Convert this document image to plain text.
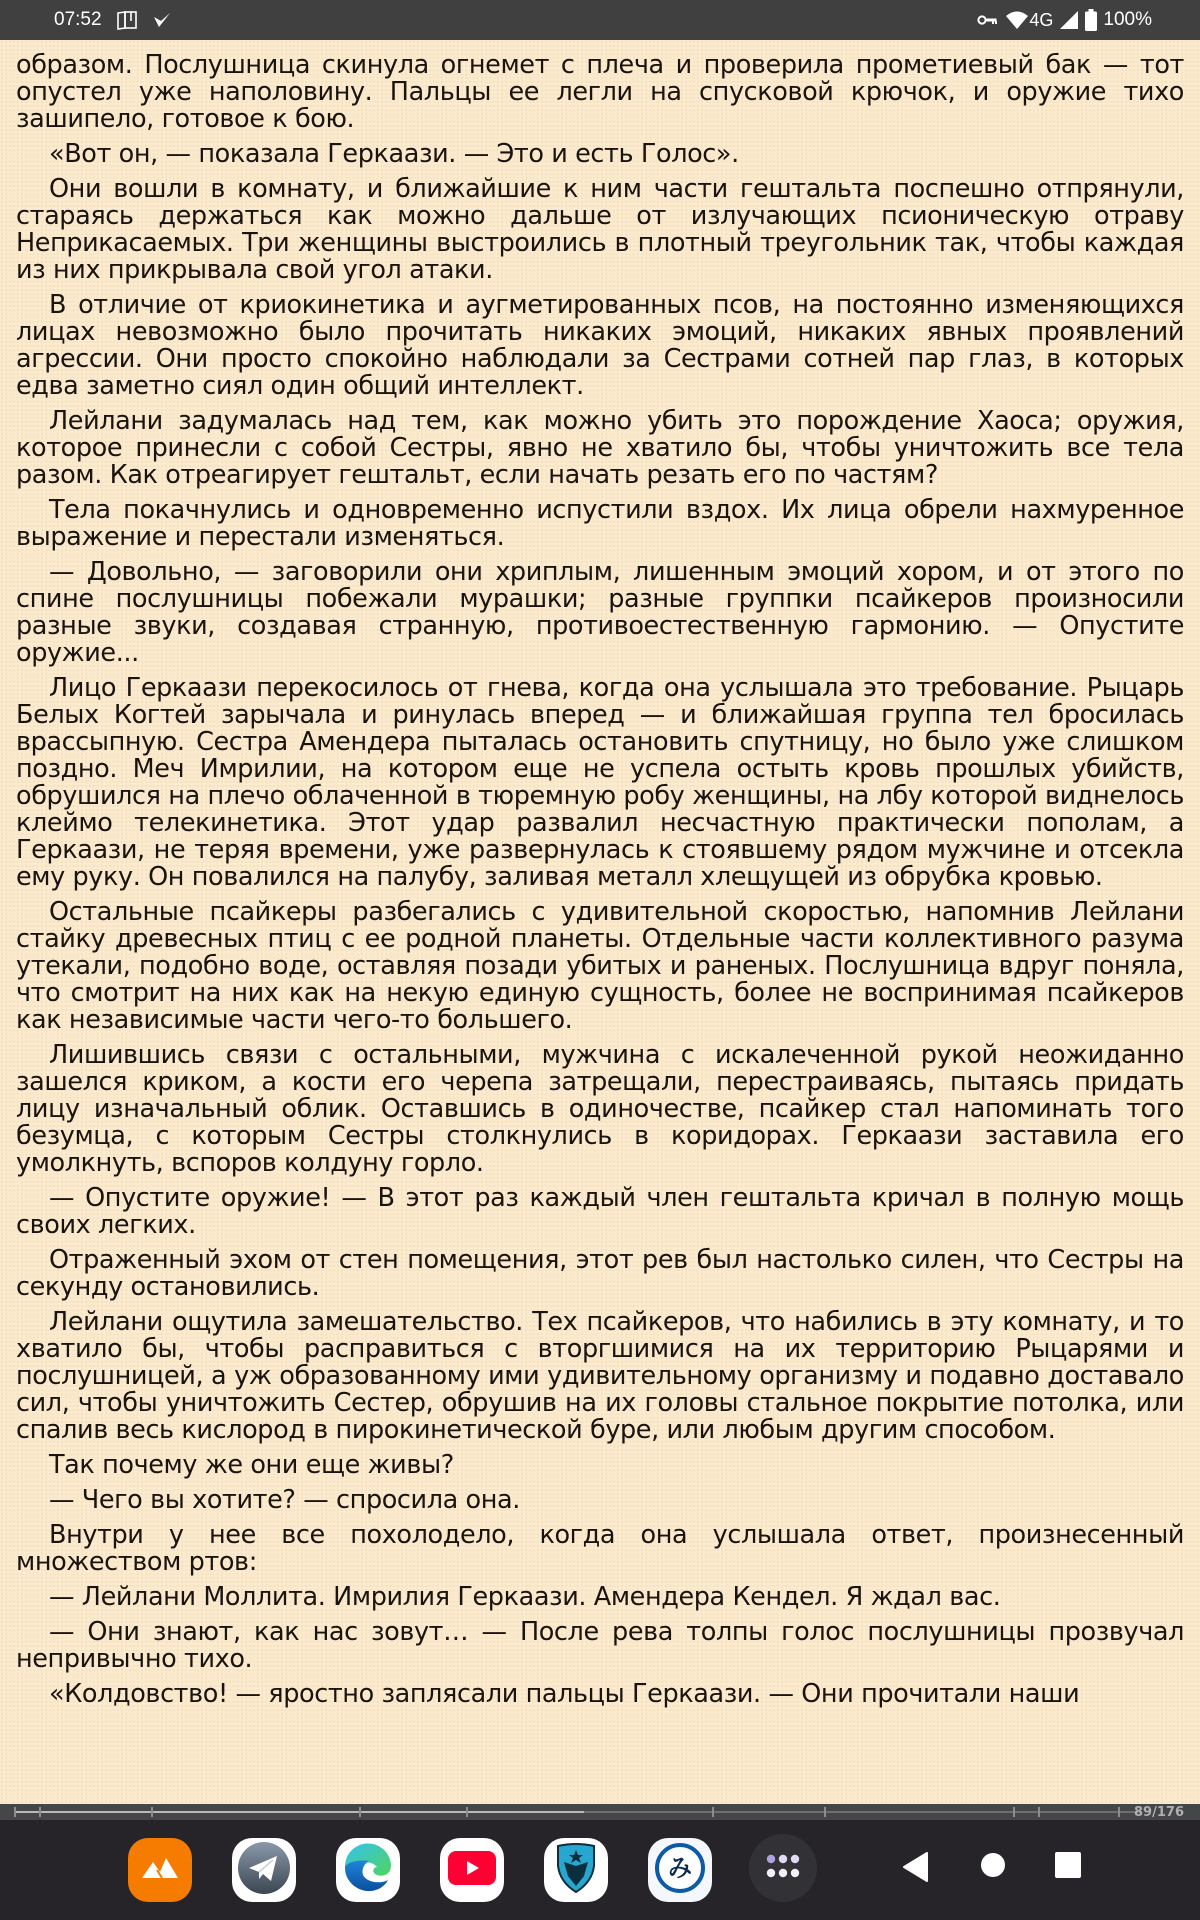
07:52	4G	100%

образом. Послушница скинула огнемет с плеча и проверила прометиевый бак — тот опустел уже наполовину. Пальцы ее легли на спусковой крючок, и оружие тихо зашипело, готовое к бою.

«Вот он, — показала Геркаази. — Это и есть Голос».

Они вошли в комнату, и ближайшие к ним части гештальта поспешно отпрянули, стараясь держаться как можно дальше от излучающих псионическую отраву Неприкасаемых. Три женщины выстроились в плотный треугольник так, чтобы каждая из них прикрывала свой угол атаки.

В отличие от криокинетика и аугметированных псов, на постоянно изменяющихся лицах невозможно было прочитать никаких эмоций, никаких явных проявлений агрессии. Они просто спокойно наблюдали за Сестрами сотней пар глаз, в которых едва заметно сиял один общий интеллект.

Лейлани задумалась над тем, как можно убить это порождение Хаоса; оружия, которое принесли с собой Сестры, явно не хватило бы, чтобы уничтожить все тела разом. Как отреагирует гештальт, если начать резать его по частям?

Тела покачнулись и одновременно испустили вздох. Их лица обрели нахмуренное выражение и перестали изменяться.

— Довольно, — заговорили они хриплым, лишенным эмоций хором, и от этого по спине послушницы побежали мурашки; разные группки псайкеров произносили разные звуки, создавая странную, противоестественную гармонию. — Опустите оружие...

Лицо Геркаази перекосилось от гнева, когда она услышала это требование. Рыцарь Белых Когтей зарычала и ринулась вперед — и ближайшая группа тел бросилась врассыпную. Сестра Амендера пыталась остановить спутницу, но было уже слишком поздно. Меч Имрилии, на котором еще не успела остыть кровь прошлых убийств, обрушился на плечо облаченной в тюремную робу женщины, на лбу которой виднелось клеймо телекинетика. Этот удар развалил несчастную практически пополам, а Геркаази, не теряя времени, уже развернулась к стоявшему рядом мужчине и отсекла ему руку. Он повалился на палубу, заливая металл хлещущей из обрубка кровью.

Остальные псайкеры разбегались с удивительной скоростью, напомнив Лейлани стайку древесных птиц с ее родной планеты. Отдельные части коллективного разума утекали, подобно воде, оставляя позади убитых и раненых. Послушница вдруг поняла, что смотрит на них как на некую единую сущность, более не воспринимая псайкеров как независимые части чего-то большего.

Лишившись связи с остальными, мужчина с искалеченной рукой неожиданно зашелся криком, а кости его черепа затрещали, перестраиваясь, пытаясь придать лицу изначальный облик. Оставшись в одиночестве, псайкер стал напоминать того безумца, с которым Сестры столкнулись в коридорах. Геркаази заставила его умолкнуть, вспоров колдуну горло.

— Опустите оружие! — В этот раз каждый член гештальта кричал в полную мощь своих легких.

Отраженный эхом от стен помещения, этот рев был настолько силен, что Сестры на секунду остановились.

Лейлани ощутила замешательство. Тех псайкеров, что набились в эту комнату, и то хватило бы, чтобы расправиться с вторгшимися на их территорию Рыцарями и послушницей, а уж образованному ими удивительному организму и подавно доставало сил, чтобы уничтожить Сестер, обрушив на их головы стальное покрытие потолка, или спалив весь кислород в пирокинетической буре, или любым другим способом.

Так почему же они еще живы?

— Чего вы хотите? — спросила она.

Внутри у нее все похолодело, когда она услышала ответ, произнесенный множеством ртов:

— Лейлани Моллита. Имрилия Геркаази. Амендера Кендел. Я ждал вас.

— Они знают, как нас зовут… — После рева толпы голос послушницы прозвучал непривычно тихо.

«Колдовство! — яростно заплясали пальцы Геркаази. — Они прочитали наши

89/176
み
